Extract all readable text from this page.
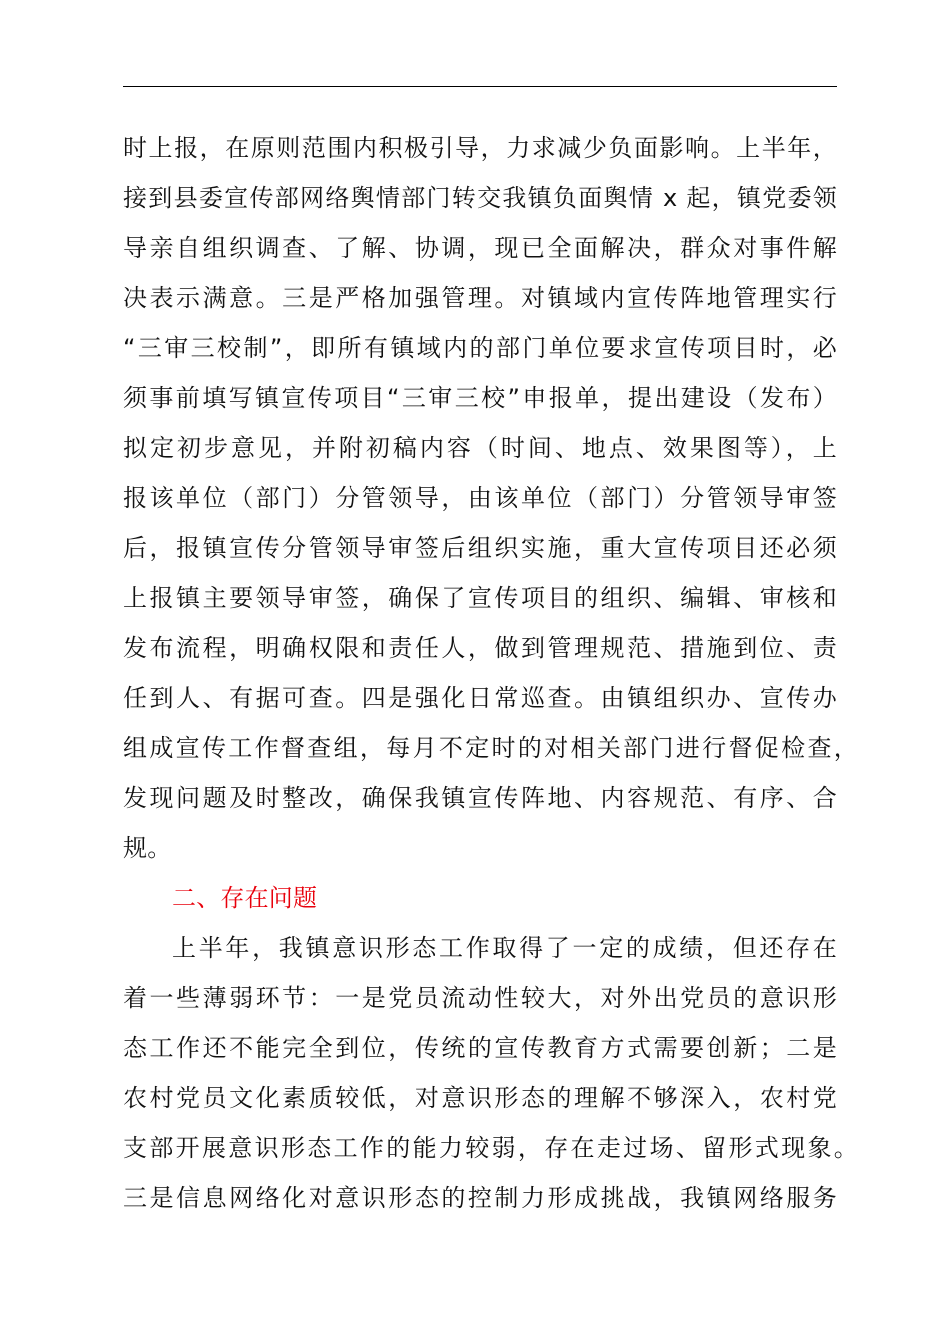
时上报，在原则范围内积极引导，力求减少负面影响。上半年，
接到县委宣传部网络舆情部门转交我镇负面舆情 x 起，镇党委领
导亲自组织调查、了解、协调，现已全面解决，群众对事件解
决表示满意。三是严格加强管理。对镇域内宣传阵地管理实行
“三审三校制”，即所有镇域内的部门单位要求宣传项目时，必
须事前填写镇宣传项目“三审三校”申报单，提出建设（发布）
拟定初步意见，并附初稿内容（时间、地点、效果图等），上
报该单位（部门）分管领导，由该单位（部门）分管领导审签
后，报镇宣传分管领导审签后组织实施，重大宣传项目还必须
上报镇主要领导审签，确保了宣传项目的组织、编辑、审核和
发布流程，明确权限和责任人，做到管理规范、措施到位、责
任到人、有据可查。四是强化日常巡查。由镇组织办、宣传办
组成宣传工作督查组，每月不定时的对相关部门进行督促检查，
发现问题及时整改，确保我镇宣传阵地、内容规范、有序、合
规。
二、存在问题
上半年，我镇意识形态工作取得了一定的成绩，但还存在
着一些薄弱环节：一是党员流动性较大，对外出党员的意识形
态工作还不能完全到位，传统的宣传教育方式需要创新；二是
农村党员文化素质较低，对意识形态的理解不够深入，农村党
支部开展意识形态工作的能力较弱，存在走过场、留形式现象。
三是信息网络化对意识形态的控制力形成挑战，我镇网络服务
